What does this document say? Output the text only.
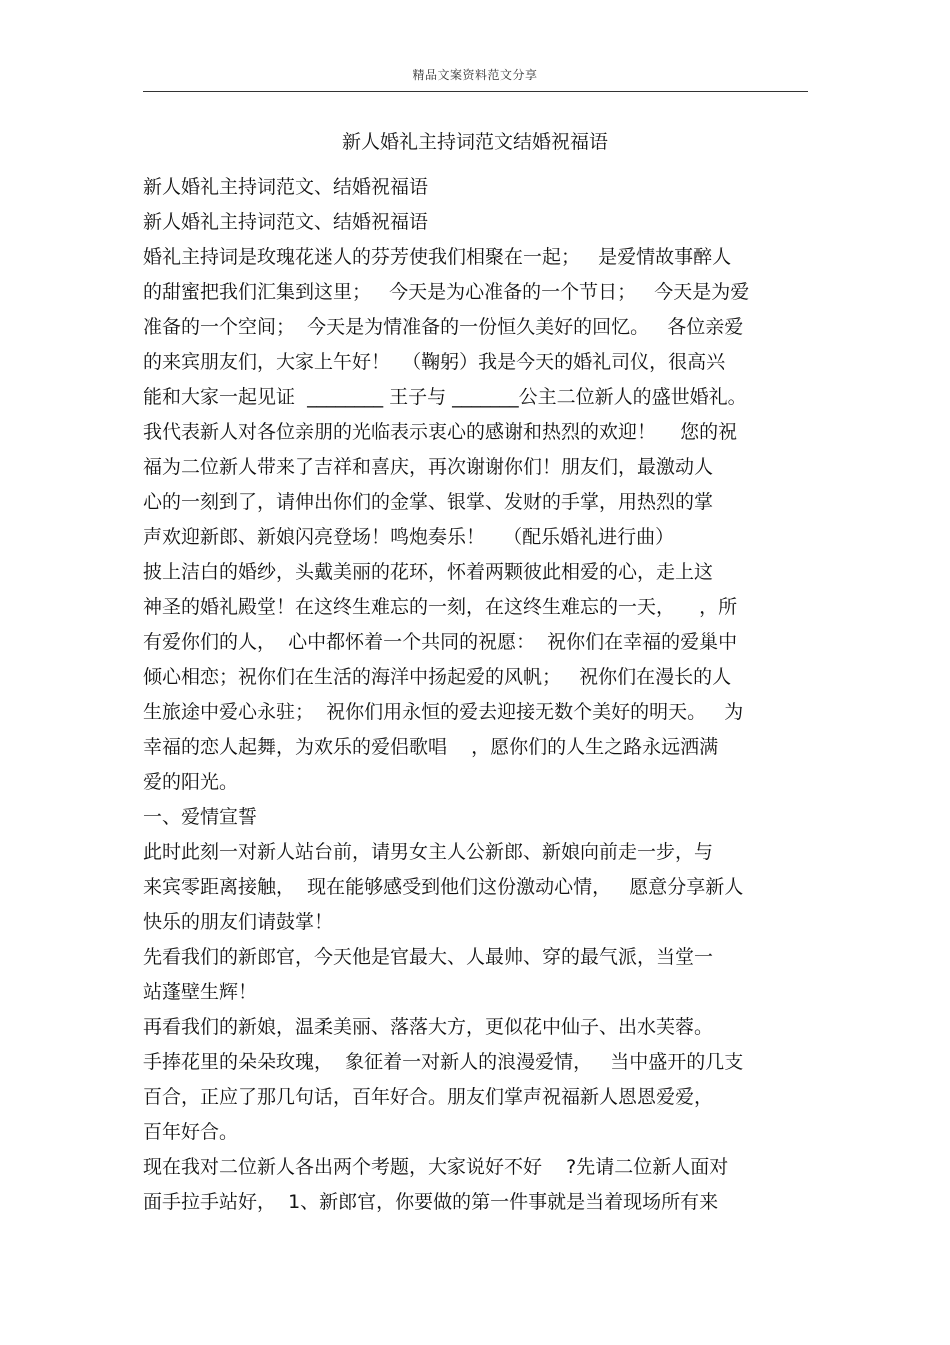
精品文案资料范文分享
新人婚礼主持词范文结婚祝福语
新人婚礼主持词范文、结婚祝福语
新人婚礼主持词范文、结婚祝福语
婚礼主持词是玫瑰花迷人的芬芳使我们相聚在一起；   是爱情故事醉人
的甜蜜把我们汇集到这里；   今天是为心准备的一个节日；   今天是为爱
准备的一个空间；  今天是为情准备的一份恒久美好的回忆。   各位亲爱
的来宾朋友们，大家上午好！  （鞠躬）我是今天的婚礼司仪，很高兴
能和大家一起见证  ________ 王子与 _______公主二位新人的盛世婚礼。
我代表新人对各位亲朋的光临表示衷心的感谢和热烈的欢迎！    您的祝
福为二位新人带来了吉祥和喜庆，再次谢谢你们！朋友们，最激动人
心的一刻到了，请伸出你们的金掌、银掌、发财的手掌，用热烈的掌
声欢迎新郎、新娘闪亮登场！鸣炮奏乐！   （配乐婚礼进行曲）
披上洁白的婚纱，头戴美丽的花环，怀着两颗彼此相爱的心，走上这
神圣的婚礼殿堂！在这终生难忘的一刻，在这终生难忘的一天，    ，所
有爱你们的人，  心中都怀着一个共同的祝愿：  祝你们在幸福的爱巢中
倾心相恋；祝你们在生活的海洋中扬起爱的风帆；   祝你们在漫长的人
生旅途中爱心永驻；  祝你们用永恒的爱去迎接无数个美好的明天。   为
幸福的恋人起舞，为欢乐的爱侣歌唱    ，愿你们的人生之路永远洒满
爱的阳光。
一、爱情宣誓
此时此刻一对新人站台前，请男女主人公新郎、新娘向前走一步，与
来宾零距离接触，  现在能够感受到他们这份激动心情，   愿意分享新人
快乐的朋友们请鼓掌！
先看我们的新郎官，今天他是官最大、人最帅、穿的最气派，当堂一
站蓬壁生辉！
再看我们的新娘，温柔美丽、落落大方，更似花中仙子、出水芙蓉。
手捧花里的朵朵玫瑰，  象征着一对新人的浪漫爱情，   当中盛开的几支
百合，正应了那几句话，百年好合。朋友们掌声祝福新人恩恩爱爱，
百年好合。
现在我对二位新人各出两个考题，大家说好不好    ?先请二位新人面对
面手拉手站好，  1、新郎官，你要做的第一件事就是当着现场所有来
